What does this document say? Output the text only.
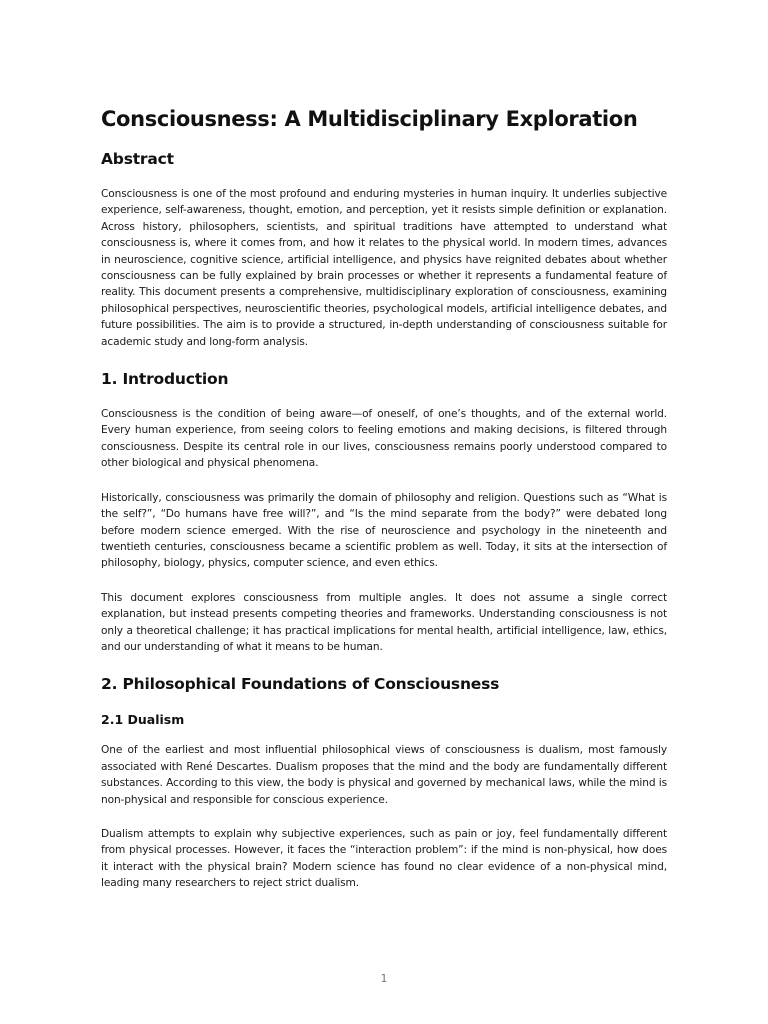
Consciousness: A Multidisciplinary Exploration
Abstract

Consciousness is one of the most profound and enduring mysteries in human inquiry. It underlies subjective experience, self-awareness, thought, emotion, and perception, yet it resists simple definition or explanation. Across history, philosophers, scientists, and spiritual traditions have attempted to understand what consciousness is, where it comes from, and how it relates to the physical world. In modern times, advances in neuroscience, cognitive science, artificial intelligence, and physics have reignited debates about whether consciousness can be fully explained by brain processes or whether it represents a fundamental feature of reality. This document presents a comprehensive, multidisciplinary exploration of consciousness, examining philosophical perspectives, neuroscientific theories, psychological models, artificial intelligence debates, and future possibilities. The aim is to provide a structured, in-depth understanding of consciousness suitable for academic study and long-form analysis.

1. Introduction

Consciousness is the condition of being aware—of oneself, of one’s thoughts, and of the external world. Every human experience, from seeing colors to feeling emotions and making decisions, is filtered through consciousness. Despite its central role in our lives, consciousness remains poorly understood compared to other biological and physical phenomena.

Historically, consciousness was primarily the domain of philosophy and religion. Questions such as “What is the self?”, “Do humans have free will?”, and “Is the mind separate from the body?” were debated long before modern science emerged. With the rise of neuroscience and psychology in the nineteenth and twentieth centuries, consciousness became a scientific problem as well. Today, it sits at the intersection of philosophy, biology, physics, computer science, and even ethics.

This document explores consciousness from multiple angles. It does not assume a single correct explanation, but instead presents competing theories and frameworks. Understanding consciousness is not only a theoretical challenge; it has practical implications for mental health, artificial intelligence, law, ethics, and our understanding of what it means to be human.

2. Philosophical Foundations of Consciousness
2.1 Dualism

One of the earliest and most influential philosophical views of consciousness is dualism, most famously associated with René Descartes. Dualism proposes that the mind and the body are fundamentally different substances. According to this view, the body is physical and governed by mechanical laws, while the mind is non-physical and responsible for conscious experience.

Dualism attempts to explain why subjective experiences, such as pain or joy, feel fundamentally different from physical processes. However, it faces the “interaction problem”: if the mind is non-physical, how does it interact with the physical brain? Modern science has found no clear evidence of a non-physical mind, leading many researchers to reject strict dualism.

1
